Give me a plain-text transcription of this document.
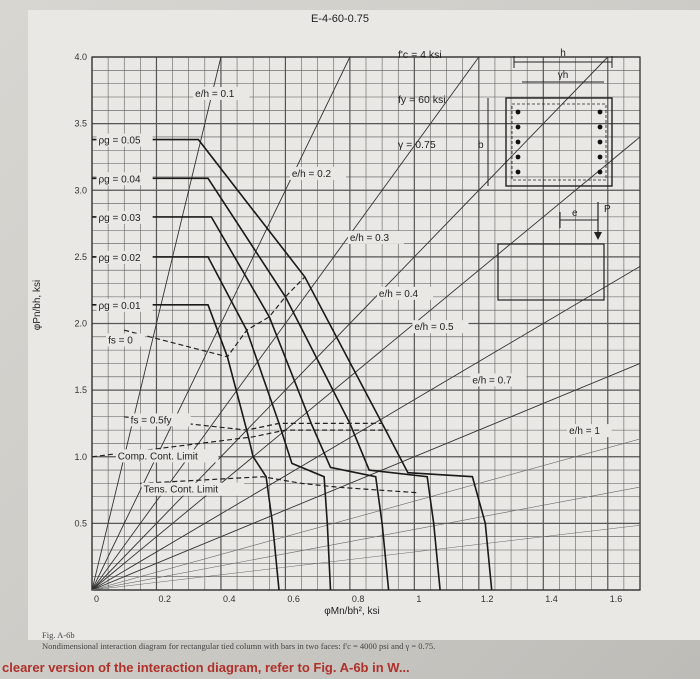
0	0.2	0.4	0.6	0.8	1	1.2	1.4	1.6
0.5
1.0
1.5
2.0
2.5
3.0
3.5
4.0
ρg = 0.01
ρg = 0.02
ρg = 0.03
ρg = 0.04
ρg = 0.05
e/h = 0.1
e/h = 0.2
e/h = 0.3
e/h = 0.4
e/h = 0.5
e/h = 0.7
e/h = 1
fs = 0
fs = 0.5fy
Comp. Cont. Limit
Tens. Cont. Limit
E-4-60-0.75
φPn/bh, ksi
φMn/bh², ksi
f'c = 4 ksi
fy = 60 ksi
γ = 0.75
h
γh
b
e	P
Fig. A-6b
Nondimensional interaction diagram for rectangular tied column with bars in two faces: f'c = 4000 psi and γ = 0.75.
clearer version of the interaction diagram, refer to Fig. A-6b in W...
